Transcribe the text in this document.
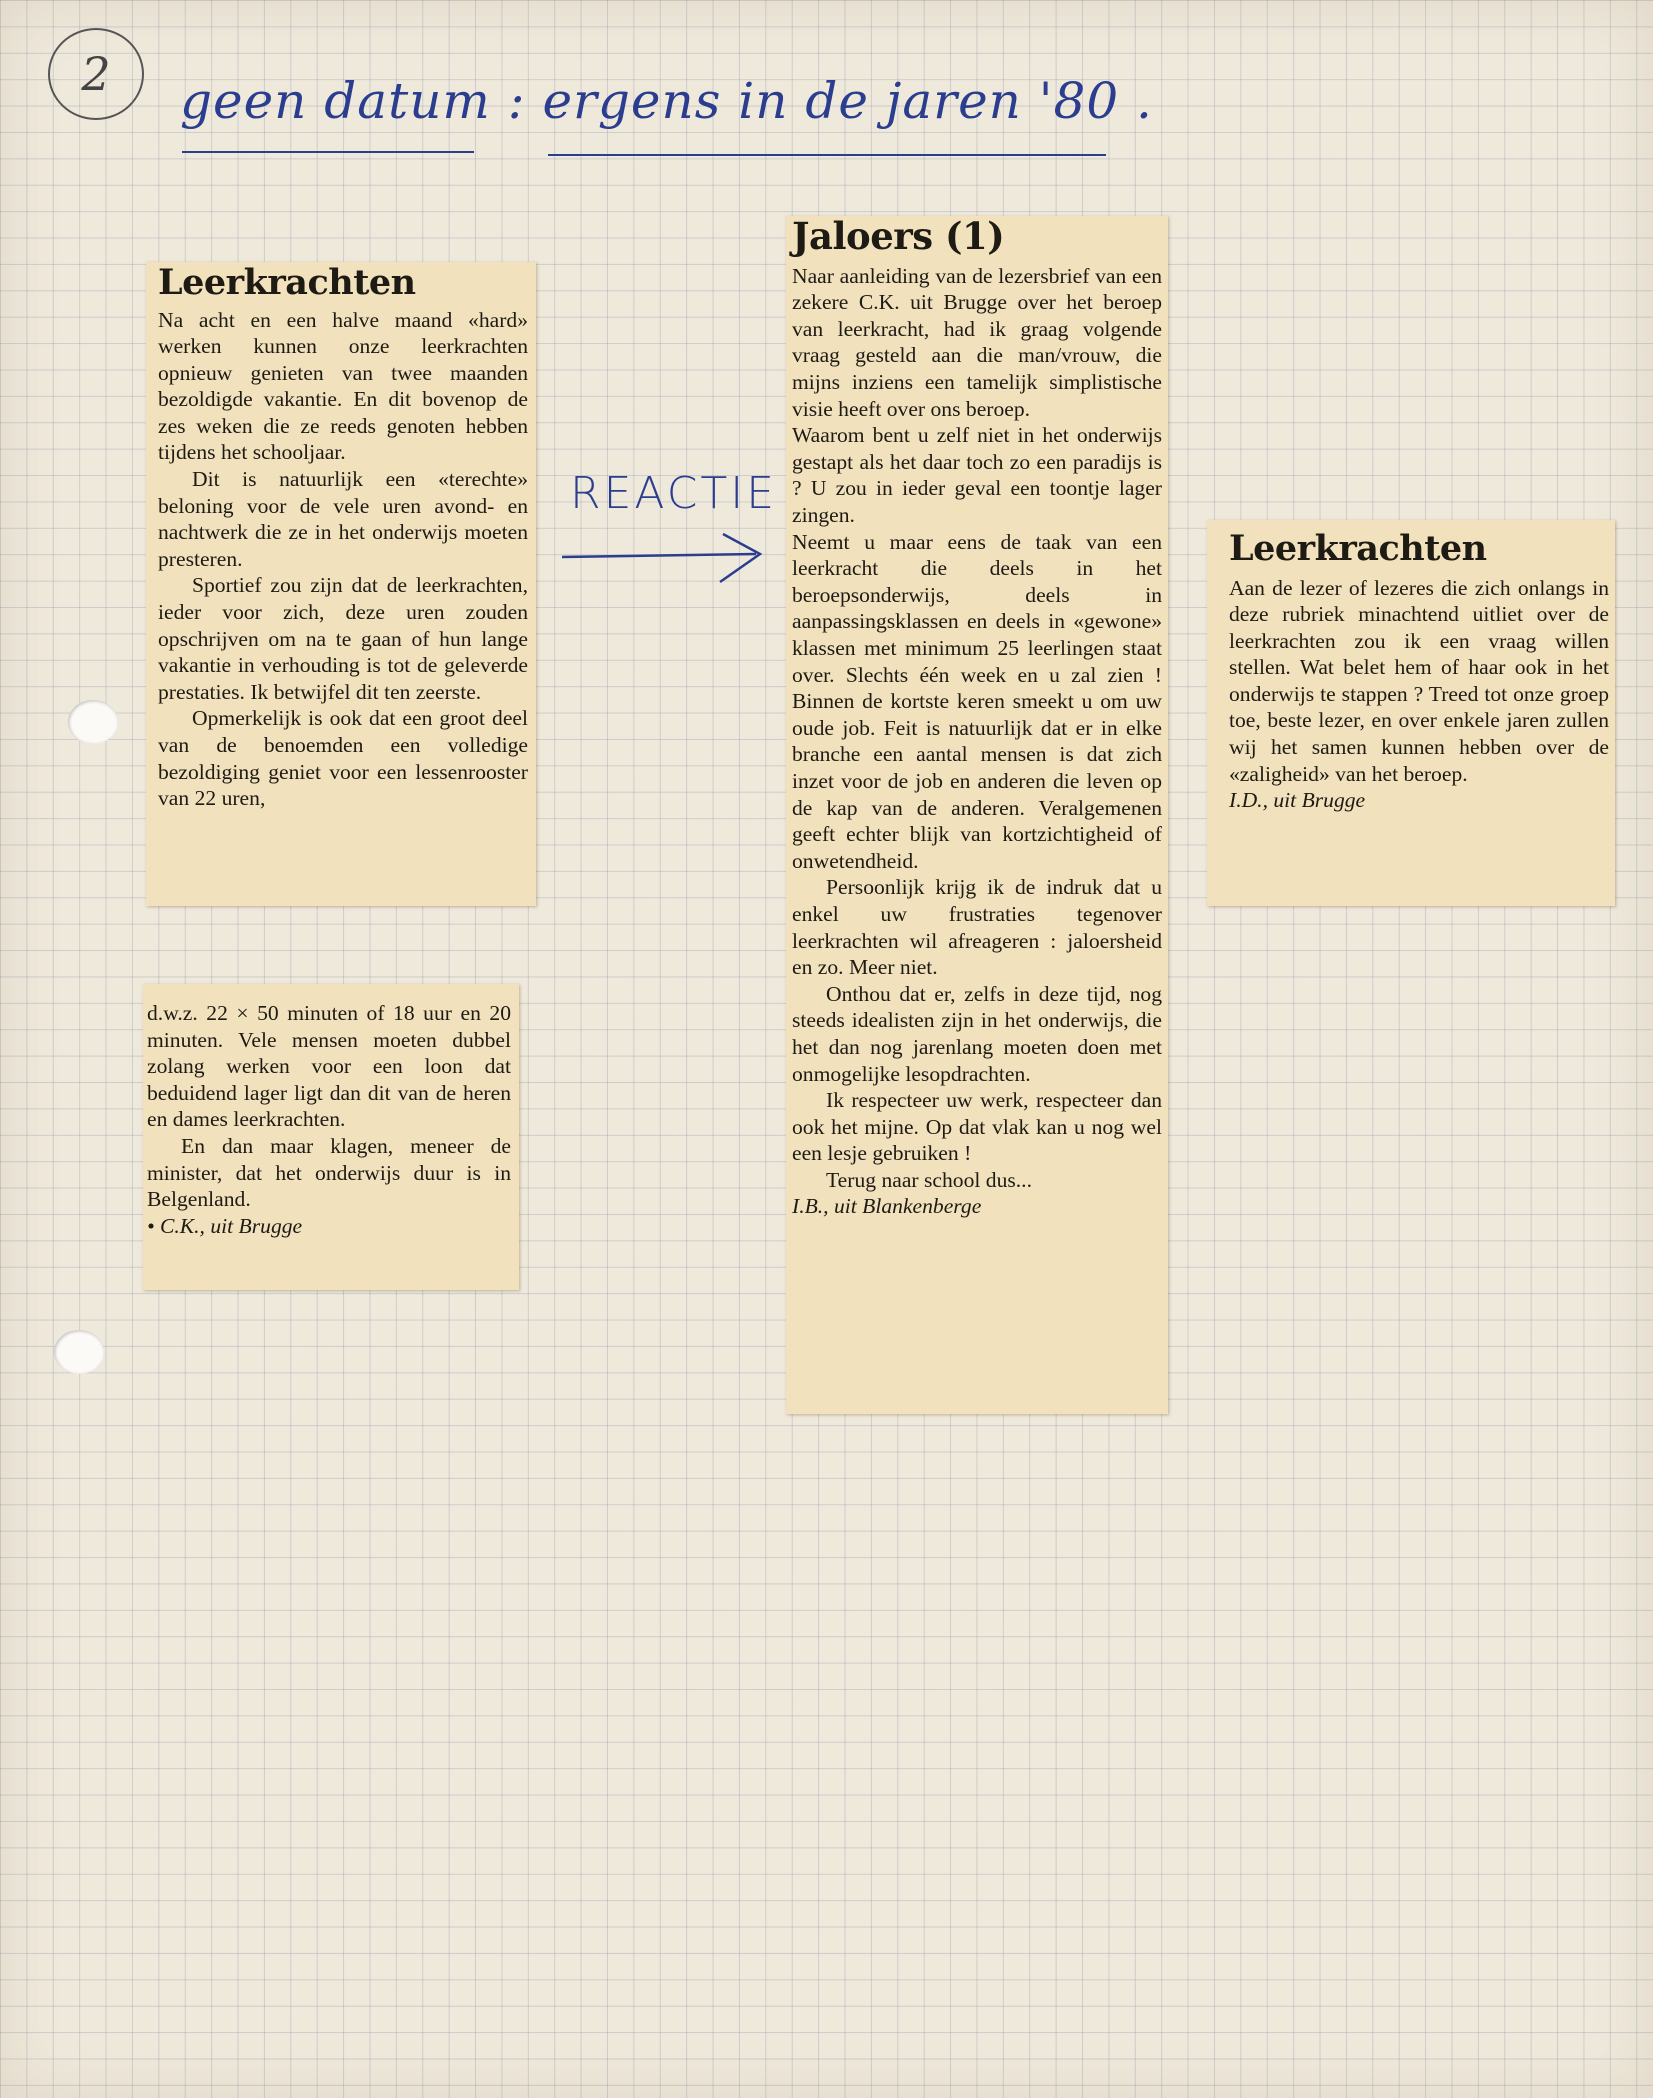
2	geen datum : ergens in de jaren '80 .
REACTIE
Leerkrachten

Na acht en een halve maand «hard» werken kunnen onze leerkrachten opnieuw genieten van twee maanden bezoldigde vakantie. En dit bovenop de zes weken die ze reeds genoten hebben tijdens het schooljaar.

Dit is natuurlijk een «terechte» beloning voor de vele uren avond- en nachtwerk die ze in het onderwijs moeten presteren.

Sportief zou zijn dat de leerkrachten, ieder voor zich, deze uren zouden opschrijven om na te gaan of hun lange vakantie in verhouding is tot de geleverde prestaties. Ik betwijfel dit ten zeerste.

Opmerkelijk is ook dat een groot deel van de benoemden een volledige bezoldiging geniet voor een lessenrooster van 22 uren,

d.w.z. 22 × 50 minuten of 18 uur en 20 minuten. Vele mensen moeten dubbel zolang werken voor een loon dat beduidend lager ligt dan dit van de heren en dames leerkrachten.

En dan maar klagen, meneer de minister, dat het onderwijs duur is in Belgenland.

• C.K., uit Brugge

Jaloers (1)

Naar aanleiding van de lezersbrief van een zekere C.K. uit Brugge over het beroep van leerkracht, had ik graag volgende vraag gesteld aan die man/vrouw, die mijns inziens een tamelijk simplistische visie heeft over ons beroep.

Waarom bent u zelf niet in het onderwijs gestapt als het daar toch zo een paradijs is ? U zou in ieder geval een toontje lager zingen.

Neemt u maar eens de taak van een leerkracht die deels in het beroepsonderwijs, deels in aanpassingsklassen en deels in «gewone» klassen met minimum 25 leerlingen staat over. Slechts één week en u zal zien ! Binnen de kortste keren smeekt u om uw oude job. Feit is natuurlijk dat er in elke branche een aantal mensen is dat zich inzet voor de job en anderen die leven op de kap van de anderen. Veralgemenen geeft echter blijk van kortzichtigheid of onwetendheid.

Persoonlijk krijg ik de indruk dat u enkel uw frustraties tegenover leerkrachten wil afreageren : jaloersheid en zo. Meer niet.

Onthou dat er, zelfs in deze tijd, nog steeds idealisten zijn in het onderwijs, die het dan nog jarenlang moeten doen met onmogelijke lesopdrachten.

Ik respecteer uw werk, respecteer dan ook het mijne. Op dat vlak kan u nog wel een lesje gebruiken !

Terug naar school dus...

I.B., uit Blankenberge

Leerkrachten

Aan de lezer of lezeres die zich onlangs in deze rubriek minachtend uitliet over de leerkrachten zou ik een vraag willen stellen. Wat belet hem of haar ook in het onderwijs te stappen ? Treed tot onze groep toe, beste lezer, en over enkele jaren zullen wij het samen kunnen hebben over de «zaligheid» van het beroep.

I.D., uit Brugge
